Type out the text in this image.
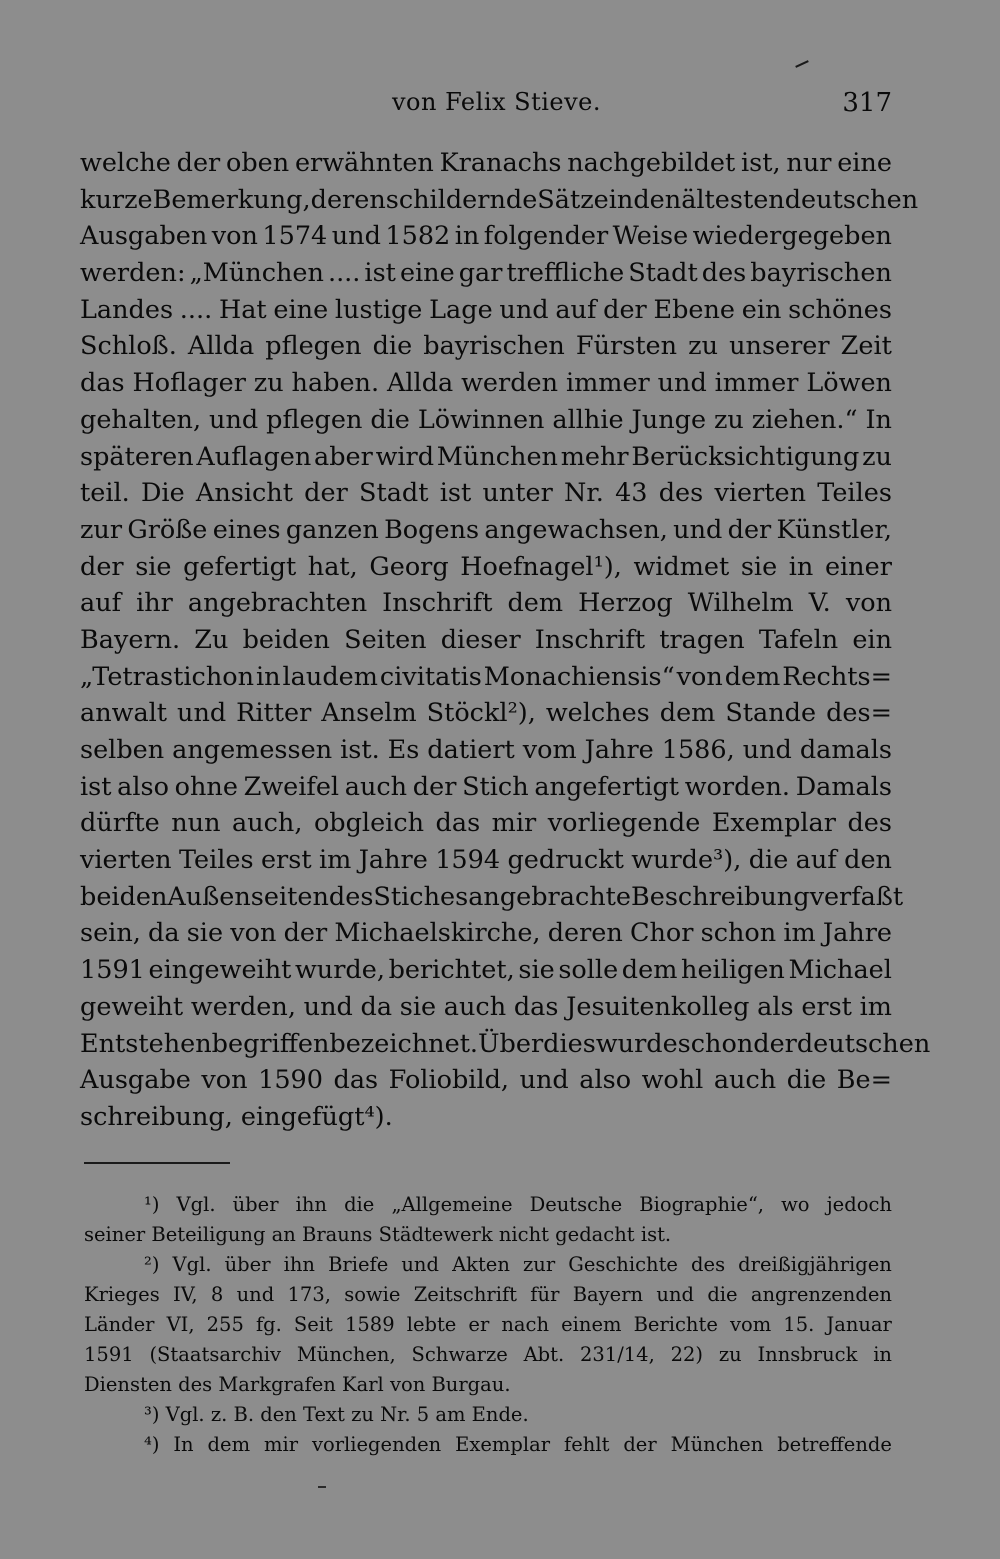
von Felix Stieve.	317
welche der oben erwähnten Kranachs nachgebildet ist, nur eine
kurze Bemerkung, deren schildernde Sätze in den ältesten deutschen
Ausgaben von 1574 und 1582 in folgender Weise wiedergegeben
werden: „München .... ist eine gar treffliche Stadt des bayrischen
Landes .... Hat eine lustige Lage und auf der Ebene ein schönes
Schloß. Allda pflegen die bayrischen Fürsten zu unserer Zeit
das Hoflager zu haben. Allda werden immer und immer Löwen
gehalten, und pflegen die Löwinnen allhie Junge zu ziehen.“ In
späteren Auflagen aber wird München mehr Berücksichtigung zu
teil. Die Ansicht der Stadt ist unter Nr. 43 des vierten Teiles
zur Größe eines ganzen Bogens angewachsen, und der Künstler,
der sie gefertigt hat, Georg Hoefnagel¹), widmet sie in einer
auf ihr angebrachten Inschrift dem Herzog Wilhelm V. von
Bayern. Zu beiden Seiten dieser Inschrift tragen Tafeln ein
„Tetrastichon in laudem civitatis Monachiensis“ von dem Rechts=
anwalt und Ritter Anselm Stöckl²), welches dem Stande des=
selben angemessen ist. Es datiert vom Jahre 1586, und damals
ist also ohne Zweifel auch der Stich angefertigt worden. Damals
dürfte nun auch, obgleich das mir vorliegende Exemplar des
vierten Teiles erst im Jahre 1594 gedruckt wurde³), die auf den
beiden Außenseiten des Stiches angebrachte Beschreibung verfaßt
sein, da sie von der Michaelskirche, deren Chor schon im Jahre
1591 eingeweiht wurde, berichtet, sie solle dem heiligen Michael
geweiht werden, und da sie auch das Jesuitenkolleg als erst im
Entstehen begriffen bezeichnet. Überdies wurde schon der deutschen
Ausgabe von 1590 das Foliobild, und also wohl auch die Be=
schreibung, eingefügt⁴).
¹) Vgl. über ihn die „Allgemeine Deutsche Biographie“, wo jedoch
seiner Beteiligung an Brauns Städtewerk nicht gedacht ist.
²) Vgl. über ihn Briefe und Akten zur Geschichte des dreißigjährigen
Krieges IV, 8 und 173, sowie Zeitschrift für Bayern und die angrenzenden
Länder VI, 255 fg. Seit 1589 lebte er nach einem Berichte vom 15. Januar
1591 (Staatsarchiv München, Schwarze Abt. 231/14, 22) zu Innsbruck in
Diensten des Markgrafen Karl von Burgau.
³) Vgl. z. B. den Text zu Nr. 5 am Ende.
⁴) In dem mir vorliegenden Exemplar fehlt der München betreffende
